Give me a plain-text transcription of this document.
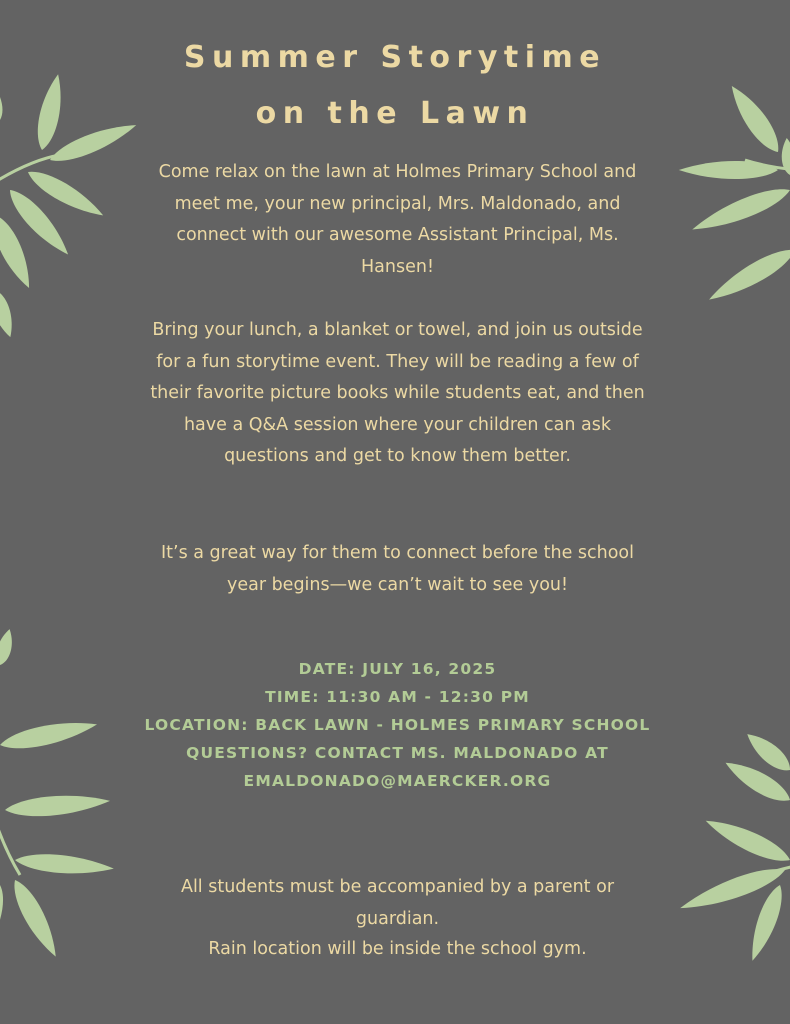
Summer Storytime
on the Lawn

Come relax on the lawn at Holmes Primary School and meet me, your new principal, Mrs. Maldonado, and connect with our awesome Assistant Principal, Ms. Hansen!

Bring your lunch, a blanket or towel, and join us outside for a fun storytime event. They will be reading a few of their favorite picture books while students eat, and then have a Q&A session where your children can ask questions and get to know them better.

It’s a great way for them to connect before the school year begins—we can’t wait to see you!

DATE: JULY 16, 2025
TIME: 11:30 AM - 12:30 PM
LOCATION: BACK LAWN - HOLMES PRIMARY SCHOOL
QUESTIONS? CONTACT MS. MALDONADO AT EMALDONADO@MAERCKER.ORG

All students must be accompanied by a parent or guardian.

Rain location will be inside the school gym.
